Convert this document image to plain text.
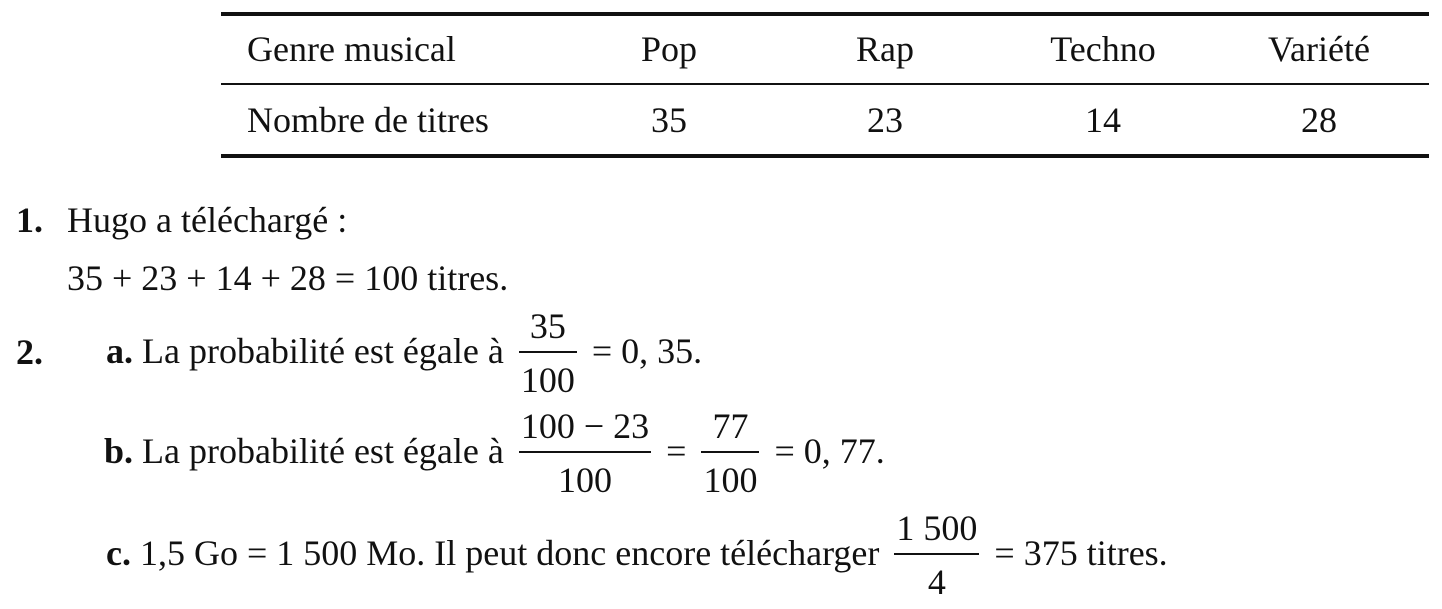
Genre musical	Pop	Rap	Techno	Variété
Nombre de titres	35	23	14	28
1. Hugo a téléchargé :
35 + 23 + 14 + 28 = 100 titres.
2. a. La probabilité est égale à $\frac{35}{100} = 0$, 35.
b. La probabilité est égale à $\frac{100 - 23}{100} = \frac{77}{100} = 0$, 77.
c. 1,5 Go = 1 500 Mo. Il peut donc encore télécharger $\frac{1 500}{4} = 375$ titres.
